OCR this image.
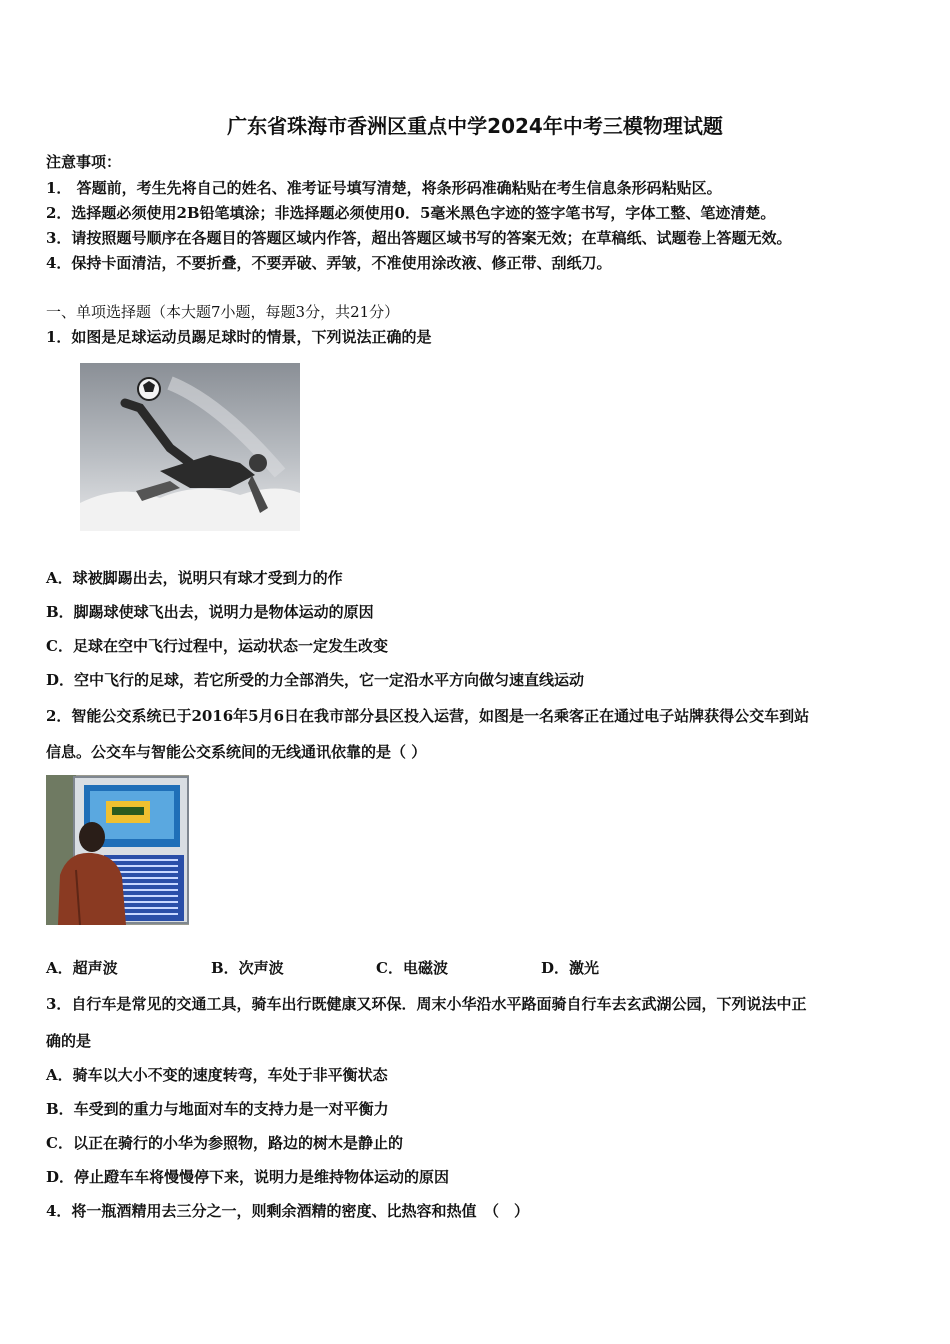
广东省珠海市香洲区重点中学2024年中考三模物理试题
注意事项：
1． 答题前，考生先将自己的姓名、准考证号填写清楚，将条形码准确粘贴在考生信息条形码粘贴区。
2．选择题必须使用2B铅笔填涂；非选择题必须使用0．5毫米黑色字迹的签字笔书写，字体工整、笔迹清楚。
3．请按照题号顺序在各题目的答题区域内作答，超出答题区域书写的答案无效；在草稿纸、试题卷上答题无效。
4．保持卡面清洁，不要折叠，不要弄破、弄皱，不准使用涂改液、修正带、刮纸刀。
一、单项选择题（本大题7小题，每题3分，共21分）
1．如图是足球运动员踢足球时的情景，下列说法正确的是
A．球被脚踢出去，说明只有球才受到力的作
B．脚踢球使球飞出去，说明力是物体运动的原因
C．足球在空中飞行过程中，运动状态一定发生改变
D．空中飞行的足球，若它所受的力全部消失，它一定沿水平方向做匀速直线运动
2．智能公交系统已于2016年5月6日在我市部分县区投入运营，如图是一名乘客正在通过电子站牌获得公交车到站
信息。公交车与智能公交系统间的无线通讯依靠的是（ ）
A．超声波	B．次声波	C．电磁波	D．激光
3．自行车是常见的交通工具，骑车出行既健康又环保．周末小华沿水平路面骑自行车去玄武湖公园，下列说法中正
确的是
A．骑车以大小不变的速度转弯，车处于非平衡状态
B．车受到的重力与地面对车的支持力是一对平衡力
C．以正在骑行的小华为参照物，路边的树木是静止的
D．停止蹬车车将慢慢停下来，说明力是维持物体运动的原因
4．将一瓶酒精用去三分之一，则剩余酒精的密度、比热容和热值　（　）
